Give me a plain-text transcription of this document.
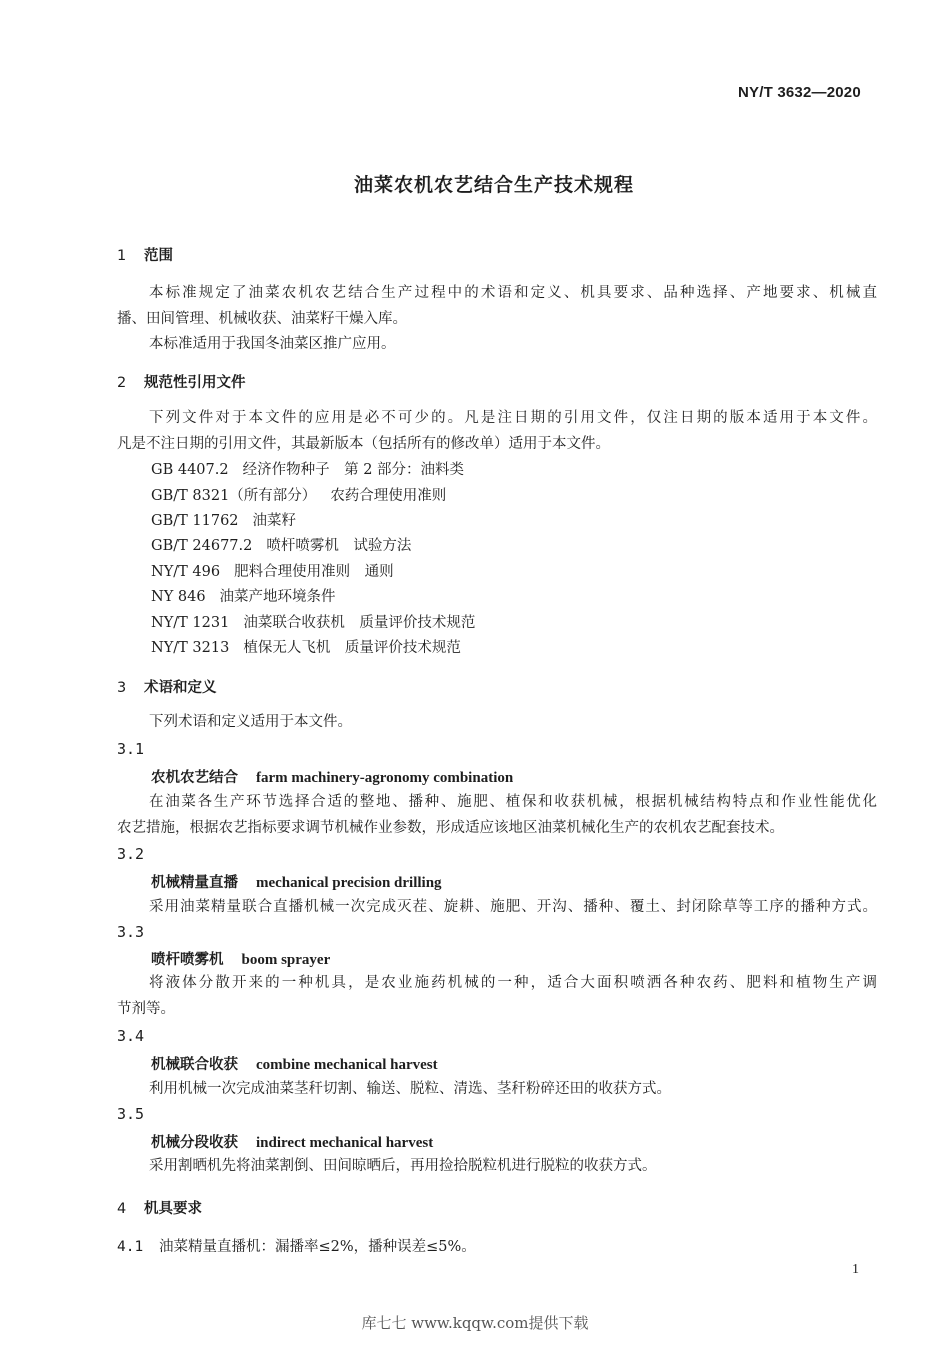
NY/T 3632—2020
油菜农机农艺结合生产技术规程
1 范围
本标准规定了油菜农机农艺结合生产过程中的术语和定义、机具要求、品种选择、产地要求、机械直
播、田间管理、机械收获、油菜籽干燥入库。
本标准适用于我国冬油菜区推广应用。
2 规范性引用文件
下列文件对于本文件的应用是必不可少的。凡是注日期的引用文件，仅注日期的版本适用于本文件。
凡是不注日期的引用文件，其最新版本（包括所有的修改单）适用于本文件。
GB 4407.2 经济作物种子　第 2 部分：油料类
GB/T 8321（所有部分） 农药合理使用准则
GB/T 11762 油菜籽
GB/T 24677.2 喷杆喷雾机　试验方法
NY/T 496 肥料合理使用准则　通则
NY 846 油菜产地环境条件
NY/T 1231 油菜联合收获机　质量评价技术规范
NY/T 3213 植保无人飞机　质量评价技术规范
3 术语和定义
下列术语和定义适用于本文件。
3.1
农机农艺结合 farm machinery-agronomy combination
在油菜各生产环节选择合适的整地、播种、施肥、植保和收获机械，根据机械结构特点和作业性能优化
农艺措施，根据农艺指标要求调节机械作业参数，形成适应该地区油菜机械化生产的农机农艺配套技术。
3.2
机械精量直播 mechanical precision drilling
采用油菜精量联合直播机械一次完成灭茬、旋耕、施肥、开沟、播种、覆土、封闭除草等工序的播种方式。
3.3
喷杆喷雾机 boom sprayer
将液体分散开来的一种机具，是农业施药机械的一种，适合大面积喷洒各种农药、肥料和植物生产调
节剂等。
3.4
机械联合收获 combine mechanical harvest
利用机械一次完成油菜茎秆切割、输送、脱粒、清选、茎秆粉碎还田的收获方式。
3.5
机械分段收获 indirect mechanical harvest
采用割晒机先将油菜割倒、田间晾晒后，再用捡拾脱粒机进行脱粒的收获方式。
4 机具要求
4.1 油菜精量直播机：漏播率≤2%，播种误差≤5%。
1
库七七 www.kqqw.com提供下载
